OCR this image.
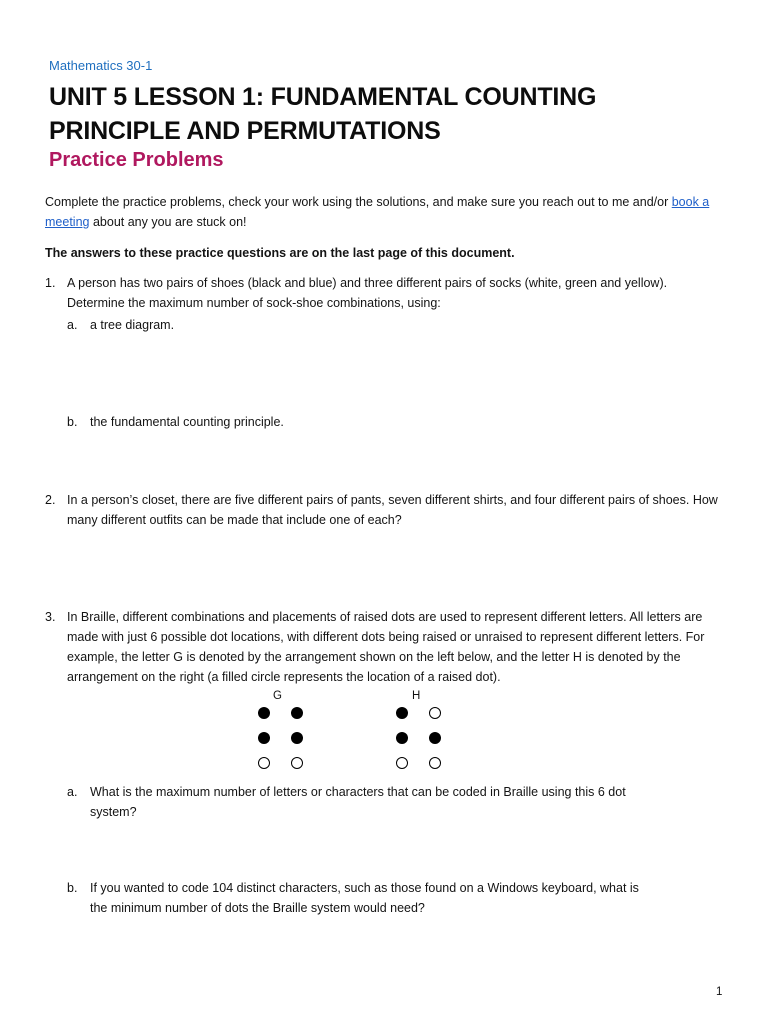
Mathematics 30-1
UNIT 5 LESSON 1: FUNDAMENTAL COUNTING PRINCIPLE AND PERMUTATIONS
Practice Problems
Complete the practice problems, check your work using the solutions, and make sure you reach out to me and/or book a meeting about any you are stuck on!
The answers to these practice questions are on the last page of this document.
1. A person has two pairs of shoes (black and blue) and three different pairs of socks (white, green and yellow). Determine the maximum number of sock-shoe combinations, using:
a. a tree diagram.
b. the fundamental counting principle.
2. In a person’s closet, there are five different pairs of pants, seven different shirts, and four different pairs of shoes. How many different outfits can be made that include one of each?
3. In Braille, different combinations and placements of raised dots are used to represent different letters. All letters are made with just 6 possible dot locations, with different dots being raised or unraised to represent different letters. For example, the letter G is denoted by the arrangement shown on the left below, and the letter H is denoted by the arrangement on the right (a filled circle represents the location of a raised dot).
G	H
a. What is the maximum number of letters or characters that can be coded in Braille using this 6 dot system?
b. If you wanted to code 104 distinct characters, such as those found on a Windows keyboard, what is the minimum number of dots the Braille system would need?
1
